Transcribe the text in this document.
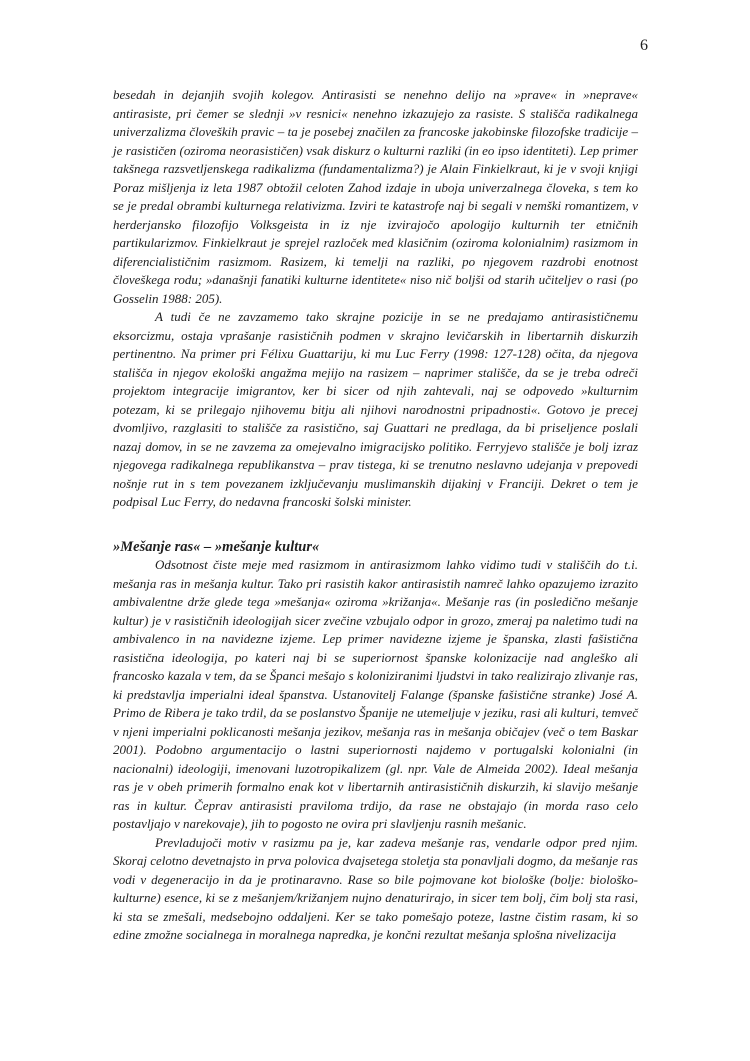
6

besedah in dejanjih svojih kolegov. Antirasisti se nenehno delijo na »prave« in »neprave« antirasiste, pri čemer se slednji »v resnici« nenehno izkazujejo za rasiste. S stališča radikalnega univerzalizma človeških pravic – ta je posebej značilen za francoske jakobinske filozofske tradicije – je rasističen (oziroma neorasističen) vsak diskurz o kulturni razliki (in eo ipso identiteti). Lep primer takšnega razsvetljenskega radikalizma (fundamentalizma?) je Alain Finkielkraut, ki je v svoji knjigi Poraz mišljenja iz leta 1987 obtožil celoten Zahod izdaje in uboja univerzalnega človeka, s tem ko se je predal obrambi kulturnega relativizma. Izviri te katastrofe naj bi segali v nemški romantizem, v herderjansko filozofijo Volksgeista in iz nje izvirajočo apologijo kulturnih ter etničnih partikularizmov. Finkielkraut je sprejel razloček med klasičnim (oziroma kolonialnim) rasizmom in diferencialističnim rasizmom. Rasizem, ki temelji na razliki, po njegovem razdrobi enotnost človeškega rodu; »današnji fanatiki kulturne identitete« niso nič boljši od starih učiteljev o rasi (po Gosselin 1988: 205).

A tudi če ne zavzamemo tako skrajne pozicije in se ne predajamo antirasističnemu eksorcizmu, ostaja vprašanje rasističnih podmen v skrajno levičarskih in libertarnih diskurzih pertinentno. Na primer pri Félixu Guattariju, ki mu Luc Ferry (1998: 127-128) očita, da njegova stališča in njegov ekološki angažma mejijo na rasizem – naprimer stališče, da se je treba odreči projektom integracije imigrantov, ker bi sicer od njih zahtevali, naj se odpovedo »kulturnim potezam, ki se prilegajo njihovemu bitju ali njihovi narodnostni pripadnosti«. Gotovo je precej dvomljivo, razglasiti to stališče za rasistično, saj Guattari ne predlaga, da bi priseljence poslali nazaj domov, in se ne zavzema za omejevalno imigracijsko politiko. Ferryjevo stališče je bolj izraz njegovega radikalnega republikanstva – prav tistega, ki se trenutno neslavno udejanja v prepovedi nošnje rut in s tem povezanem izključevanju muslimanskih dijakinj v Franciji. Dekret o tem je podpisal Luc Ferry, do nedavna francoski šolski minister.

»Mešanje ras« – »mešanje kultur«

Odsotnost čiste meje med rasizmom in antirasizmom lahko vidimo tudi v stališčih do t.i. mešanja ras in mešanja kultur. Tako pri rasistih kakor antirasistih namreč lahko opazujemo izrazito ambivalentne drže glede tega »mešanja« oziroma »križanja«. Mešanje ras (in posledično mešanje kultur) je v rasističnih ideologijah sicer zvečine vzbujalo odpor in grozo, zmeraj pa naletimo tudi na ambivalenco in na navidezne izjeme. Lep primer navidezne izjeme je španska, zlasti fašistična rasistična ideologija, po kateri naj bi se superiornost španske kolonizacije nad angleško ali francosko kazala v tem, da se Španci mešajo s koloniziranimi ljudstvi in tako realizirajo zlivanje ras, ki predstavlja imperialni ideal španstva. Ustanovitelj Falange (španske fašistične stranke) José A. Primo de Ribera je tako trdil, da se poslanstvo Španije ne utemeljuje v jeziku, rasi ali kulturi, temveč v njeni imperialni poklicanosti mešanja jezikov, mešanja ras in mešanja običajev (več o tem Baskar 2001). Podobno argumentacijo o lastni superiornosti najdemo v portugalski kolonialni (in nacionalni) ideologiji, imenovani luzotropikalizem (gl. npr. Vale de Almeida 2002). Ideal mešanja ras je v obeh primerih formalno enak kot v libertarnih antirasističnih diskurzih, ki slavijo mešanje ras in kultur. Čeprav antirasisti praviloma trdijo, da rase ne obstajajo (in morda raso celo postavljajo v narekovaje), jih to pogosto ne ovira pri slavljenju rasnih mešanic.

Prevladujoči motiv v rasizmu pa je, kar zadeva mešanje ras, vendarle odpor pred njim. Skoraj celotno devetnajsto in prva polovica dvajsetega stoletja sta ponavljali dogmo, da mešanje ras vodi v degeneracijo in da je protinaravno. Rase so bile pojmovane kot biološke (bolje: biološko-kulturne) esence, ki se z mešanjem/križanjem nujno denaturirajo, in sicer tem bolj, čim bolj sta rasi, ki sta se zmešali, medsebojno oddaljeni. Ker se tako pomešajo poteze, lastne čistim rasam, ki so edine zmožne socialnega in moralnega napredka, je končni rezultat mešanja splošna nivelizacija
